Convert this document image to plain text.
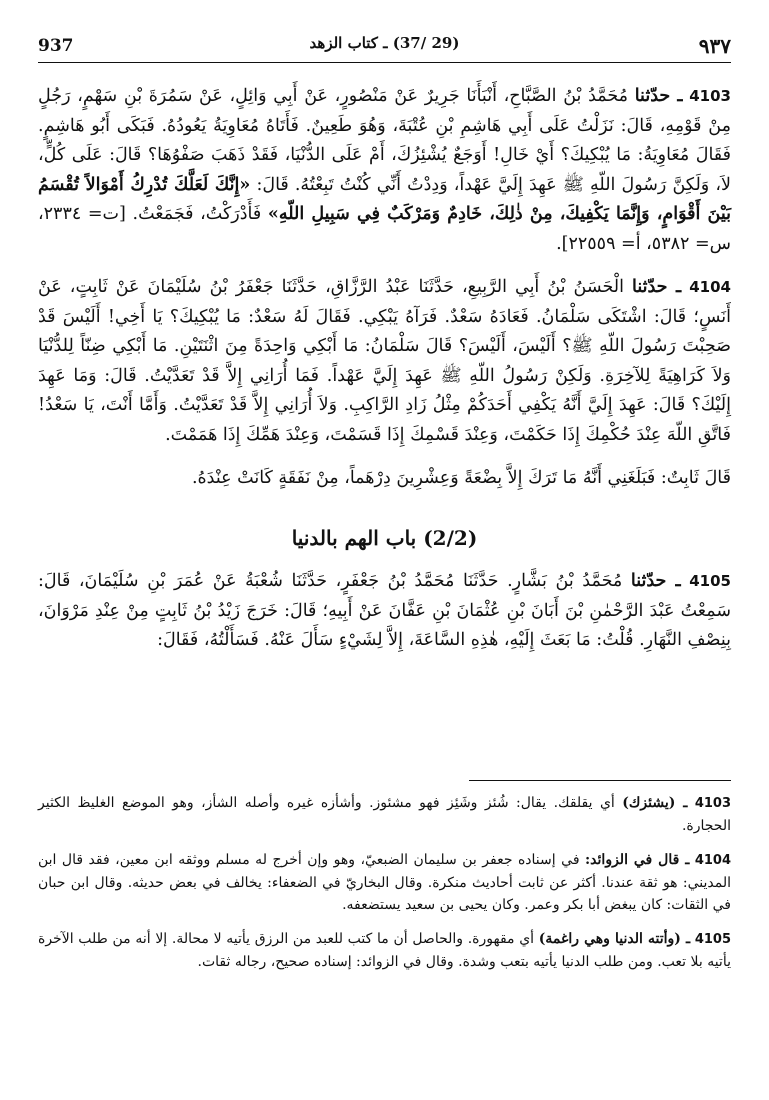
937	(29 /37) ـ كتاب الزهد	٩٣٧

4103 ـ حدّثنا مُحَمَّدُ بْنُ الصَّبَّاحِ، أَنْبَأَنَا جَرِيرٌ عَنْ مَنْصُورٍ، عَنْ أَبِي وَائِلٍ، عَنْ سَمُرَةَ بْنِ سَهْمٍ، رَجُلٍ مِنْ قَوْمِهِ، قَالَ: نَزَلْتُ عَلَى أَبِي هَاشِمِ بْنِ عُتْبَةَ، وَهُوَ طَعِينٌ. فَأَتَاهُ مُعَاوِيَةُ يَعُودُهُ. فَبَكَى أَبُو هَاشِمٍ. فَقَالَ مُعَاوِيَةُ: مَا يُبْكِيكَ؟ أَيْ خَالِ! أَوَجَعٌ يُشْئِزُكَ، أَمْ عَلَى الدُّنْيَا، فَقَدْ ذَهَبَ صَفْوُهَا؟ قَالَ: عَلَى كُلٍّ، لاَ، وَلَكِنَّ رَسُولَ اللّهِ ﷺ عَهِدَ إِلَيَّ عَهْداً، وَدِدْتُ أَنِّي كُنْتُ تَبِعْتُهُ. قَالَ: «إِنَّكَ لَعَلَّكَ تُدْرِكُ أَمْوَالاً تُقْسَمُ بَيْنَ أَقْوَامٍ، وَإِنَّمَا يَكْفِيكَ، مِنْ ذٰلِكَ، خَادِمٌ وَمَرْكَبٌ فِي سَبِيلِ اللّهِ» فَأَدْرَكْتُ، فَجَمَعْتُ. [ت= ٢٣٣٤، س= ٥٣٨٢، أ= ٢٢٥٥٩].

4104 ـ حدّثنا الْحَسَنُ بْنُ أَبِي الرَّبِيعِ، حَدَّثَنَا عَبْدُ الرَّزَّاقِ، حَدَّثَنَا جَعْفَرُ بْنُ سُلَيْمَانَ عَنْ ثَابِتٍ، عَنْ أَنَسٍ؛ قَالَ: اشْتَكَى سَلْمَانُ. فَعَادَهُ سَعْدٌ. فَرَآهُ يَبْكِي. فَقَالَ لَهُ سَعْدٌ: مَا يُبْكِيكَ؟ يَا أَخِي! أَلَيْسَ قَدْ صَحِبْتَ رَسُولَ اللّهِ ﷺ؟ أَلَيْسَ، أَلَيْسَ؟ قَالَ سَلْمَانُ: مَا أَبْكِي وَاحِدَةً مِنَ اثْنَتَيْنِ. مَا أَبْكِي ضِنّاً لِلدُّنْيَا وَلاَ كَرَاهِيَةً لِلآخِرَةِ. وَلَكِنْ رَسُولُ اللّهِ ﷺ عَهِدَ إِلَيَّ عَهْداً. فَمَا أُرَانِي إِلاَّ قَدْ تَعَدَّيْتُ. قَالَ: وَمَا عَهِدَ إِلَيْكَ؟ قَالَ: عَهِدَ إِلَيَّ أَنَّهُ يَكْفِي أَحَدَكُمْ مِثْلُ زَادِ الرَّاكِبِ. وَلاَ أُرَانِي إِلاَّ قَدْ تَعَدَّيْتُ. وَأَمَّا أَنْتَ، يَا سَعْدُ! فَاتَّقِ اللّهَ عِنْدَ حُكْمِكَ إِذَا حَكَمْتَ، وَعِنْدَ قَسْمِكَ إِذَا قَسَمْتَ، وَعِنْدَ هَمِّكَ إِذَا هَمَمْتَ.

قَالَ ثَابِتٌ: فَبَلَغَنِي أَنَّهُ مَا تَرَكَ إِلاَّ بِضْعَةً وَعِشْرِينَ دِرْهَماً، مِنْ نَفَقَةٍ كَانَتْ عِنْدَهُ.

(2/2) باب الهم بالدنيا

4105 ـ حدّثنا مُحَمَّدُ بْنُ بَشَّارٍ. حَدَّثَنَا مُحَمَّدُ بْنُ جَعْفَرٍ، حَدَّثَنَا شُعْبَةُ عَنْ عُمَرَ بْنِ سُلَيْمَانَ، قَالَ: سَمِعْتُ عَبْدَ الرَّحْمٰنِ بْنَ أَبَانَ بْنِ عُثْمَانَ بْنِ عَفَّانَ عَنْ أَبِيهِ؛ قَالَ: خَرَجَ زَيْدُ بْنُ ثَابِتٍ مِنْ عِنْدِ مَرْوَانَ، بِنِصْفِ النَّهَارِ. قُلْتُ: مَا بَعَثَ إِلَيْهِ، هٰذِهِ السَّاعَةَ، إِلاَّ لِشَيْءٍ سَأَلَ عَنْهُ. فَسَأَلْتُهُ، فَقَالَ:

4103 ـ (يشئزك) أي يقلقك. يقال: شُئز وشَئِز فهو مشئوز. وأشأزه غيره وأصله الشأز، وهو الموضع الغليظ الكثير الحجارة.

4104 ـ قال في الزوائد: في إسناده جعفر بن سليمان الضبعيّ، وهو وإن أخرج له مسلم ووثقه ابن معين، فقد قال ابن المديني: هو ثقة عندنا. أكثر عن ثابت أحاديث منكرة. وقال البخاريّ في الضعفاء: يخالف في بعض حديثه. وقال ابن حبان في الثقات: كان يبغض أبا بكر وعمر. وكان يحيى بن سعيد يستضعفه.

4105 ـ (وأتته الدنيا وهي راغمة) أي مقهورة. والحاصل أن ما كتب للعبد من الرزق يأتيه لا محالة. إلا أنه من طلب الآخرة يأتيه بلا تعب. ومن طلب الدنيا يأتيه بتعب وشدة. وقال في الزوائد: إسناده صحيح، رجاله ثقات.
